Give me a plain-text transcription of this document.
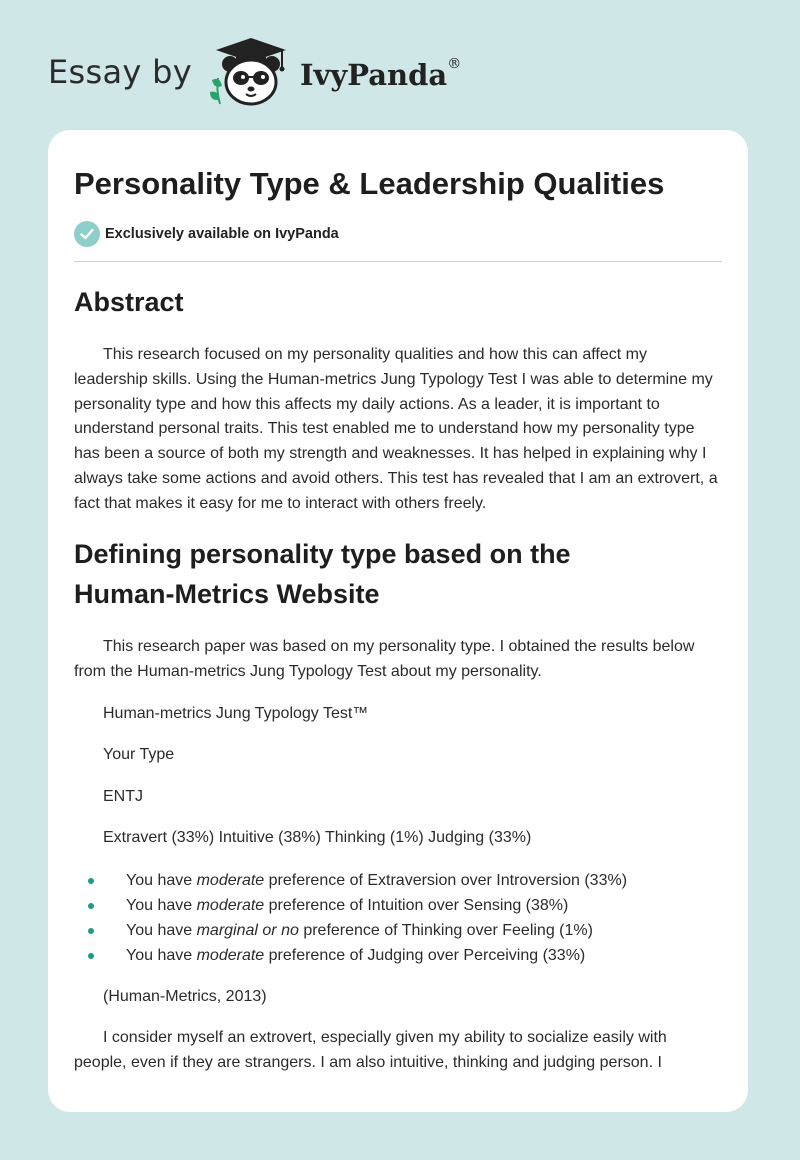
Essay by	IvyPanda®
Personality Type & Leadership Qualities
Exclusively available on IvyPanda
Abstract

This research focused on my personality qualities and how this can affect my leadership skills. Using the Human-metrics Jung Typology Test I was able to determine my personality type and how this affects my daily actions. As a leader, it is important to understand personal traits. This test enabled me to understand how my personality type has been a source of both my strength and weaknesses. It has helped in explaining why I always take some actions and avoid others. This test has revealed that I am an extrovert, a fact that makes it easy for me to interact with others freely.

Defining personality type based on the
Human-Metrics Website

This research paper was based on my personality type. I obtained the results below from the Human-metrics Jung Typology Test about my personality.

Human-metrics Jung Typology Test™

Your Type

ENTJ

Extravert (33%) Intuitive (38%) Thinking (1%) Judging (33%)

You have moderate preference of Extraversion over Introversion (33%)
You have moderate preference of Intuition over Sensing (38%)
You have marginal or no preference of Thinking over Feeling (1%)
You have moderate preference of Judging over Perceiving (33%)

(Human-Metrics, 2013)

I consider myself an extrovert, especially given my ability to socialize easily with people, even if they are strangers. I am also intuitive, thinking and judging person. I
